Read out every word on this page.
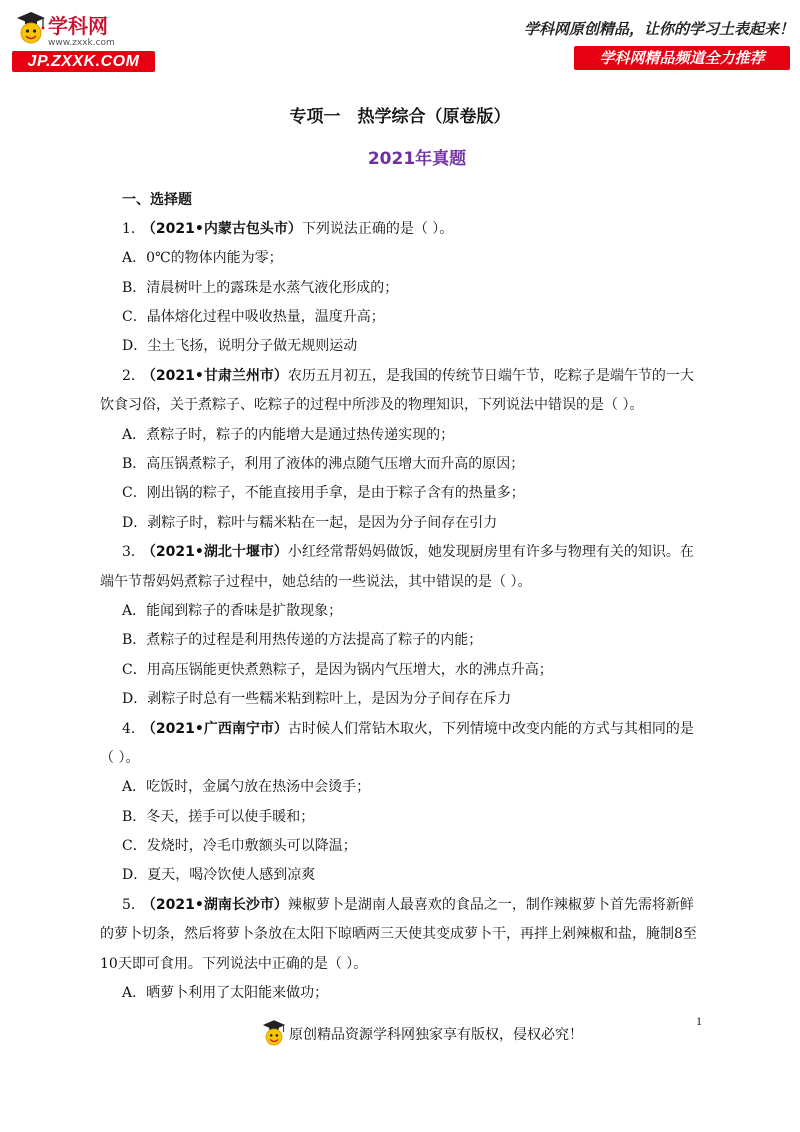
学科网
www.zxxk.com
JP.ZXXK.COM
学科网原创精品，让你的学习土表起来！
学科网精品频道全力推荐
专项一　热学综合（原卷版）
2021年真题
一、选择题
1． （2021•内蒙古包头市）下列说法正确的是（ ）。
A．0℃的物体内能为零；
B．清晨树叶上的露珠是水蒸气液化形成的；
C．晶体熔化过程中吸收热量，温度升高；
D．尘土飞扬，说明分子做无规则运动
2． （2021•甘肃兰州市）农历五月初五，是我国的传统节日端午节，吃粽子是端午节的一大
饮食习俗，关于煮粽子、吃粽子的过程中所涉及的物理知识，下列说法中错误的是（ ）。
A．煮粽子时，粽子的内能增大是通过热传递实现的；
B．高压锅煮粽子，利用了液体的沸点随气压增大而升高的原因；
C．刚出锅的粽子，不能直接用手拿，是由于粽子含有的热量多；
D．剥粽子时，粽叶与糯米粘在一起，是因为分子间存在引力
3． （2021•湖北十堰市）小红经常帮妈妈做饭，她发现厨房里有许多与物理有关的知识。在
端午节帮妈妈煮粽子过程中，她总结的一些说法，其中错误的是（ ）。
A．能闻到粽子的香味是扩散现象；
B．煮粽子的过程是利用热传递的方法提高了粽子的内能；
C．用高压锅能更快煮熟粽子，是因为锅内气压增大，水的沸点升高；
D．剥粽子时总有一些糯米粘到粽叶上，是因为分子间存在斥力
4． （2021•广西南宁市）古时候人们常钻木取火，下列情境中改变内能的方式与其相同的是
（ ）。
A．吃饭时，金属勺放在热汤中会烫手；
B．冬天，搓手可以使手暖和；
C．发烧时，冷毛巾敷额头可以降温；
D．夏天，喝冷饮使人感到凉爽
5． （2021•湖南长沙市）辣椒萝卜是湖南人最喜欢的食品之一，制作辣椒萝卜首先需将新鲜
的萝卜切条，然后将萝卜条放在太阳下晾晒两三天使其变成萝卜干，再拌上剁辣椒和盐，腌制8至
10天即可食用。下列说法中正确的是（ ）。
A．晒萝卜利用了太阳能来做功；
1
原创精品资源学科网独家享有版权，侵权必究！
